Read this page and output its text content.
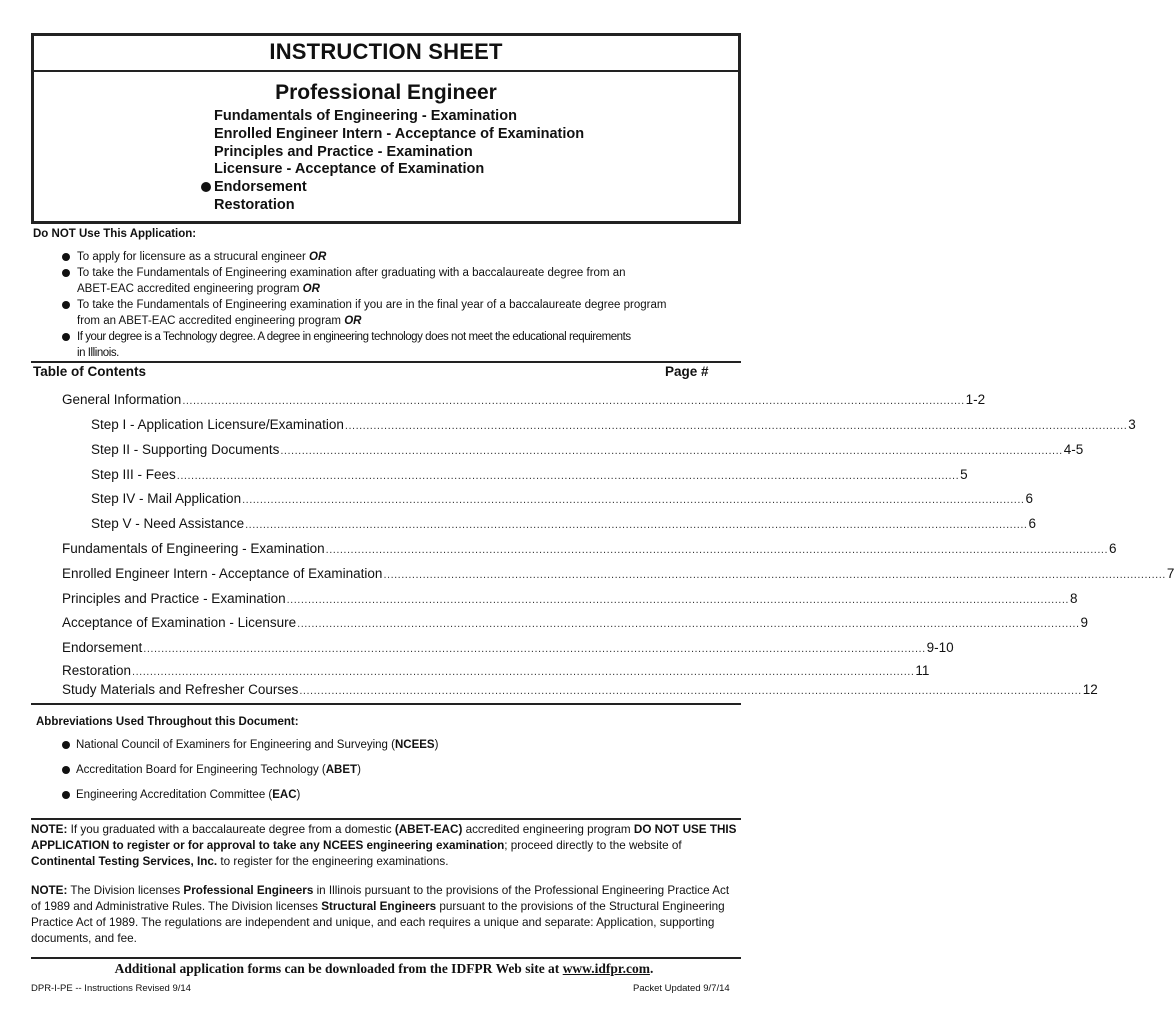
INSTRUCTION SHEET
Professional Engineer
Fundamentals of Engineering - Examination
Enrolled Engineer Intern - Acceptance of Examination
Principles and Practice - Examination
Licensure - Acceptance of Examination
Endorsement
Restoration
Do NOT Use This Application:
To apply for licensure as a strucural engineer OR
To take the Fundamentals of Engineering examination after graduating with a baccalaureate degree from an
ABET-EAC accredited engineering program OR
To take the Fundamentals of Engineering examination if you are in the final year of a baccalaureate degree program
from an ABET-EAC accredited engineering program OR
If your degree is a Technology degree. A degree in engineering technology does not meet the educational requirements
in Illinois.
Table of Contents	Page #
General Information ............................................................................................................................................................................................................................ 1-2
Step I - Application Licensure/Examination ............................................................................................................................................................................................................................ 3
Step II - Supporting Documents ............................................................................................................................................................................................................................ 4-5
Step III - Fees ............................................................................................................................................................................................................................ 5
Step IV - Mail Application ............................................................................................................................................................................................................................ 6
Step V - Need Assistance ............................................................................................................................................................................................................................ 6
Fundamentals of Engineering - Examination ............................................................................................................................................................................................................................ 6
Enrolled Engineer Intern - Acceptance of Examination ............................................................................................................................................................................................................................ 7
Principles and Practice - Examination ............................................................................................................................................................................................................................ 8
Acceptance of Examination - Licensure ............................................................................................................................................................................................................................ 9
Endorsement ............................................................................................................................................................................................................................ 9-10
Restoration ............................................................................................................................................................................................................................ 11
Study Materials and Refresher Courses ............................................................................................................................................................................................................................ 12
Abbreviations Used Throughout this Document:
National Council of Examiners for Engineering and Surveying (NCEES)
Accreditation Board for Engineering Technology (ABET)
Engineering Accreditation Committee (EAC)
NOTE: If you graduated with a baccalaureate degree from a domestic (ABET-EAC) accredited engineering program DO NOT USE THIS APPLICATION to register or for approval to take any NCEES engineering examination; proceed directly to the website of Continental Testing Services, Inc. to register for the engineering examinations.
NOTE: The Division licenses Professional Engineers in Illinois pursuant to the provisions of the Professional Engineering Practice Act of 1989 and Administrative Rules. The Division licenses Structural Engineers pursuant to the provisions of the Structural Engineering Practice Act of 1989. The regulations are independent and unique, and each requires a unique and separate: Application, supporting documents, and fee.
Additional application forms can be downloaded from the IDFPR Web site at www.idfpr.com.
DPR-I-PE -- Instructions Revised 9/14	Packet Updated 9/7/14
